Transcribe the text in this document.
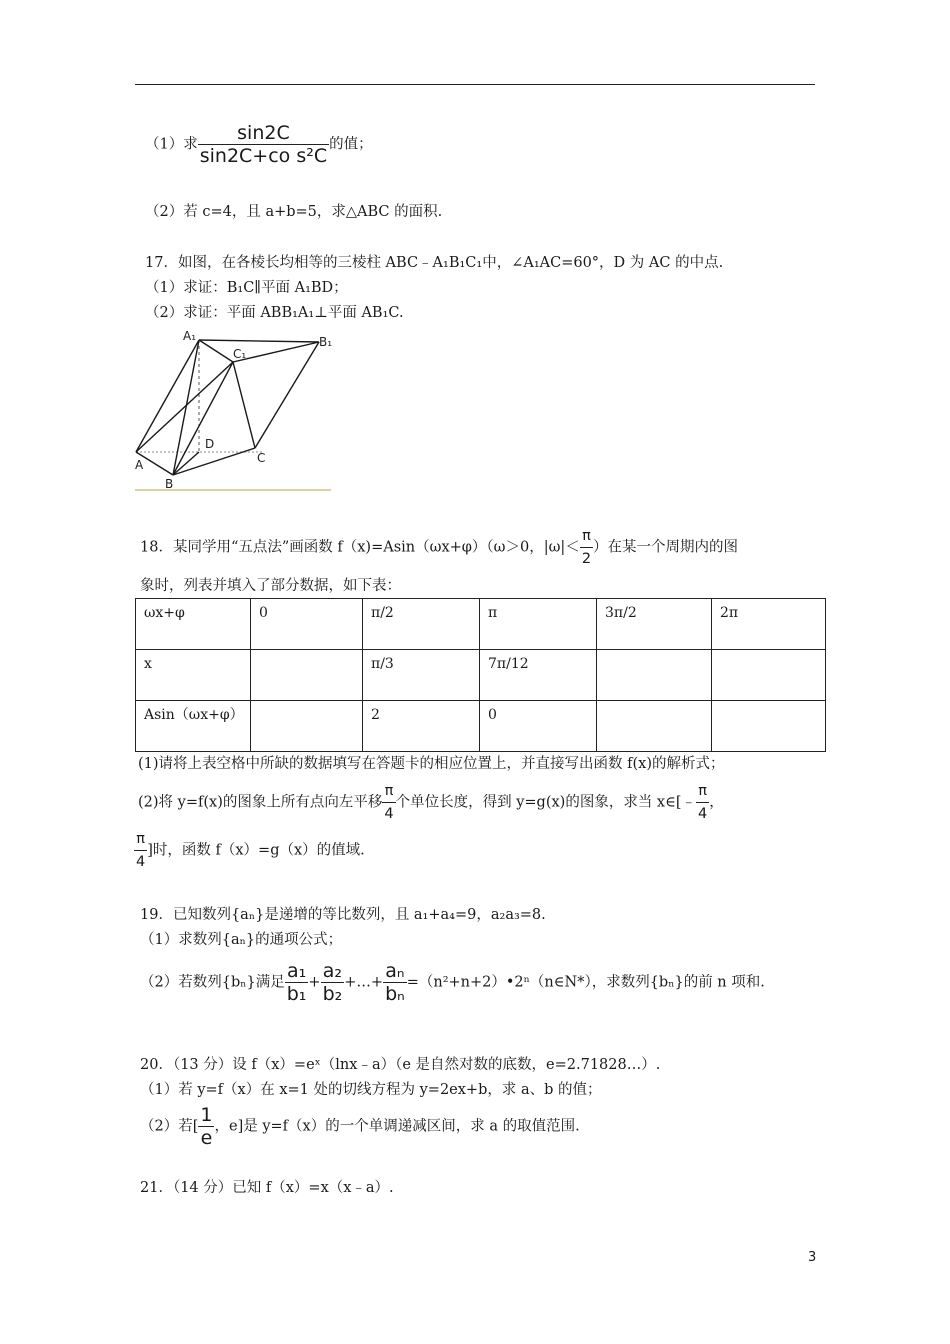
（1）求 $\frac{\sin 2C}{\text{sin2C+co s²C}}$ 的值；
（2）若 c=4，且 a+b=5，求△ABC 的面积.
17．如图，在各棱长均相等的三棱柱 ABC﹣A₁B₁C₁中，∠A₁AC=60°，D 为 AC 的中点.
（1）求证：B₁C∥平面 A₁BD；
（2）求证：平面 ABB₁A₁⊥平面 AB₁C.
A₁
C₁
B₁
D
A
B
C
18．某同学用“五点法”画函数 f（x)=Asin（ωx+φ）（ω＞0，$|\omega|< \frac{\pi}{2}$ ）在某一个周期内的图
象时，列表并填入了部分数据，如下表：
ωx+φ	0	π/2	π	3π/2	2π
x		π/3	7π/12		
Asin（ωx+φ）		2	0		
(1)请将上表空格中所缺的数据填写在答题卡的相应位置上，并直接写出函数 f(x)的解析式；
(2)将 y=f(x)的图象上所有点向左平移 $\frac{\pi}{4}$ 个单位长度，得到 y=g(x)的图象，求当 x∈[﹣ $\frac{\pi}{4}$ ，
$\frac{\pi}{4}$ ]时，函数 f（x）=g（x）的值域.
19．已知数列{aₙ}是递增的等比数列，且 a₁+a₄=9，a₂a₃=8.
（1）求数列{aₙ}的通项公式；
（2）若数列{bₙ}满足 $\frac{\text{a₁}}{\text{b₁}} + \frac{\text{a₂}}{\text{b₂}}$ +…+ $\frac{\text{aₙ}}{\text{bₙ}}$ =（n²+n+2）•2ⁿ（n∈N*），求数列{bₙ}的前 n 项和.
20．（13 分）设 f（x）=eˣ（lnx﹣a）（e 是自然对数的底数，e=2.71828…）.
（1）若 y=f（x）在 x=1 处的切线方程为 y=2ex+b，求 a、b 的值；
（2）若[ $\frac{1}{e}$ ，e]是 y=f（x）的一个单调递减区间，求 a 的取值范围.
21．（14 分）已知 f（x）=x（x﹣a）.
3
